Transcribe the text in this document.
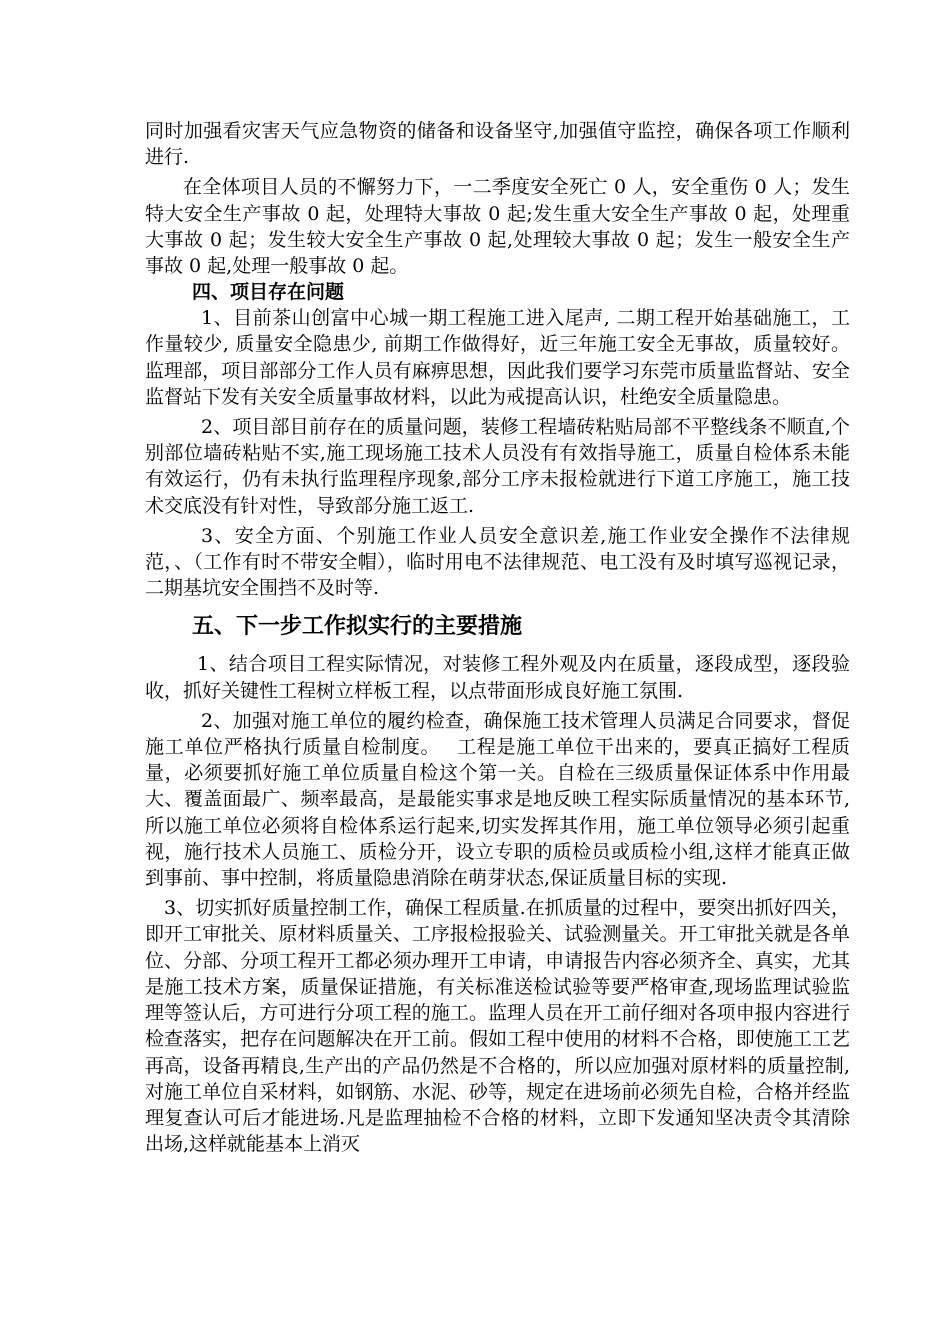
同时加强看灾害天气应急物资的储备和设备坚守,加强值守监控，确保各项工作顺利进行.

在全体项目人员的不懈努力下，一二季度安全死亡 0 人，安全重伤 0 人；发生特大安全生产事故 0 起，处理特大事故 0 起;发生重大安全生产事故 0 起，处理重大事故 0 起；发生较大安全生产事故 0 起,处理较大事故 0 起；发生一般安全生产事故 0 起,处理一般事故 0 起。

四、项目存在问题

1、目前茶山创富中心城一期工程施工进入尾声, 二期工程开始基础施工，工作量较少, 质量安全隐患少, 前期工作做得好，近三年施工安全无事故，质量较好。监理部，项目部部分工作人员有麻痹思想，因此我们要学习东莞市质量监督站、安全监督站下发有关安全质量事故材料，以此为戒提高认识，杜绝安全质量隐患。

2、项目部目前存在的质量问题，装修工程墙砖粘贴局部不平整线条不顺直,个别部位墙砖粘贴不实,施工现场施工技术人员没有有效指导施工，质量自检体系未能有效运行，仍有未执行监理程序现象,部分工序未报检就进行下道工序施工，施工技术交底没有针对性，导致部分施工返工.

3、安全方面、个别施工作业人员安全意识差,施工作业安全操作不法律规范，、（工作有时不带安全帽），临时用电不法律规范、电工没有及时填写巡视记录，二期基坑安全围挡不及时等.

五、下一步工作拟实行的主要措施

1、结合项目工程实际情况，对装修工程外观及内在质量，逐段成型，逐段验收，抓好关键性工程树立样板工程，以点带面形成良好施工氛围.

2、加强对施工单位的履约检查，确保施工技术管理人员满足合同要求，督促施工单位严格执行质量自检制度。　 工程是施工单位干出来的，要真正搞好工程质量，必须要抓好施工单位质量自检这个第一关。自检在三级质量保证体系中作用最大、覆盖面最广、频率最高，是最能实事求是地反映工程实际质量情况的基本环节,所以施工单位必须将自检体系运行起来,切实发挥其作用，施工单位领导必须引起重视，施行技术人员施工、质检分开，设立专职的质检员或质检小组,这样才能真正做到事前、事中控制，将质量隐患消除在萌芽状态,保证质量目标的实现.

3、切实抓好质量控制工作，确保工程质量.在抓质量的过程中，要突出抓好四关，即开工审批关、原材料质量关、工序报检报验关、试验测量关。开工审批关就是各单位、分部、分项工程开工都必须办理开工申请，申请报告内容必须齐全、真实，尤其是施工技术方案，质量保证措施，有关标准送检试验等要严格审查,现场监理试验监理等签认后，方可进行分项工程的施工。监理人员在开工前仔细对各项申报内容进行检查落实，把存在问题解决在开工前。假如工程中使用的材料不合格，即使施工工艺再高，设备再精良,生产出的产品仍然是不合格的，所以应加强对原材料的质量控制,对施工单位自采材料，如钢筋、水泥、砂等，规定在进场前必须先自检，合格并经监理复查认可后才能进场.凡是监理抽检不合格的材料，立即下发通知坚决责令其清除出场,这样就能基本上消灭
